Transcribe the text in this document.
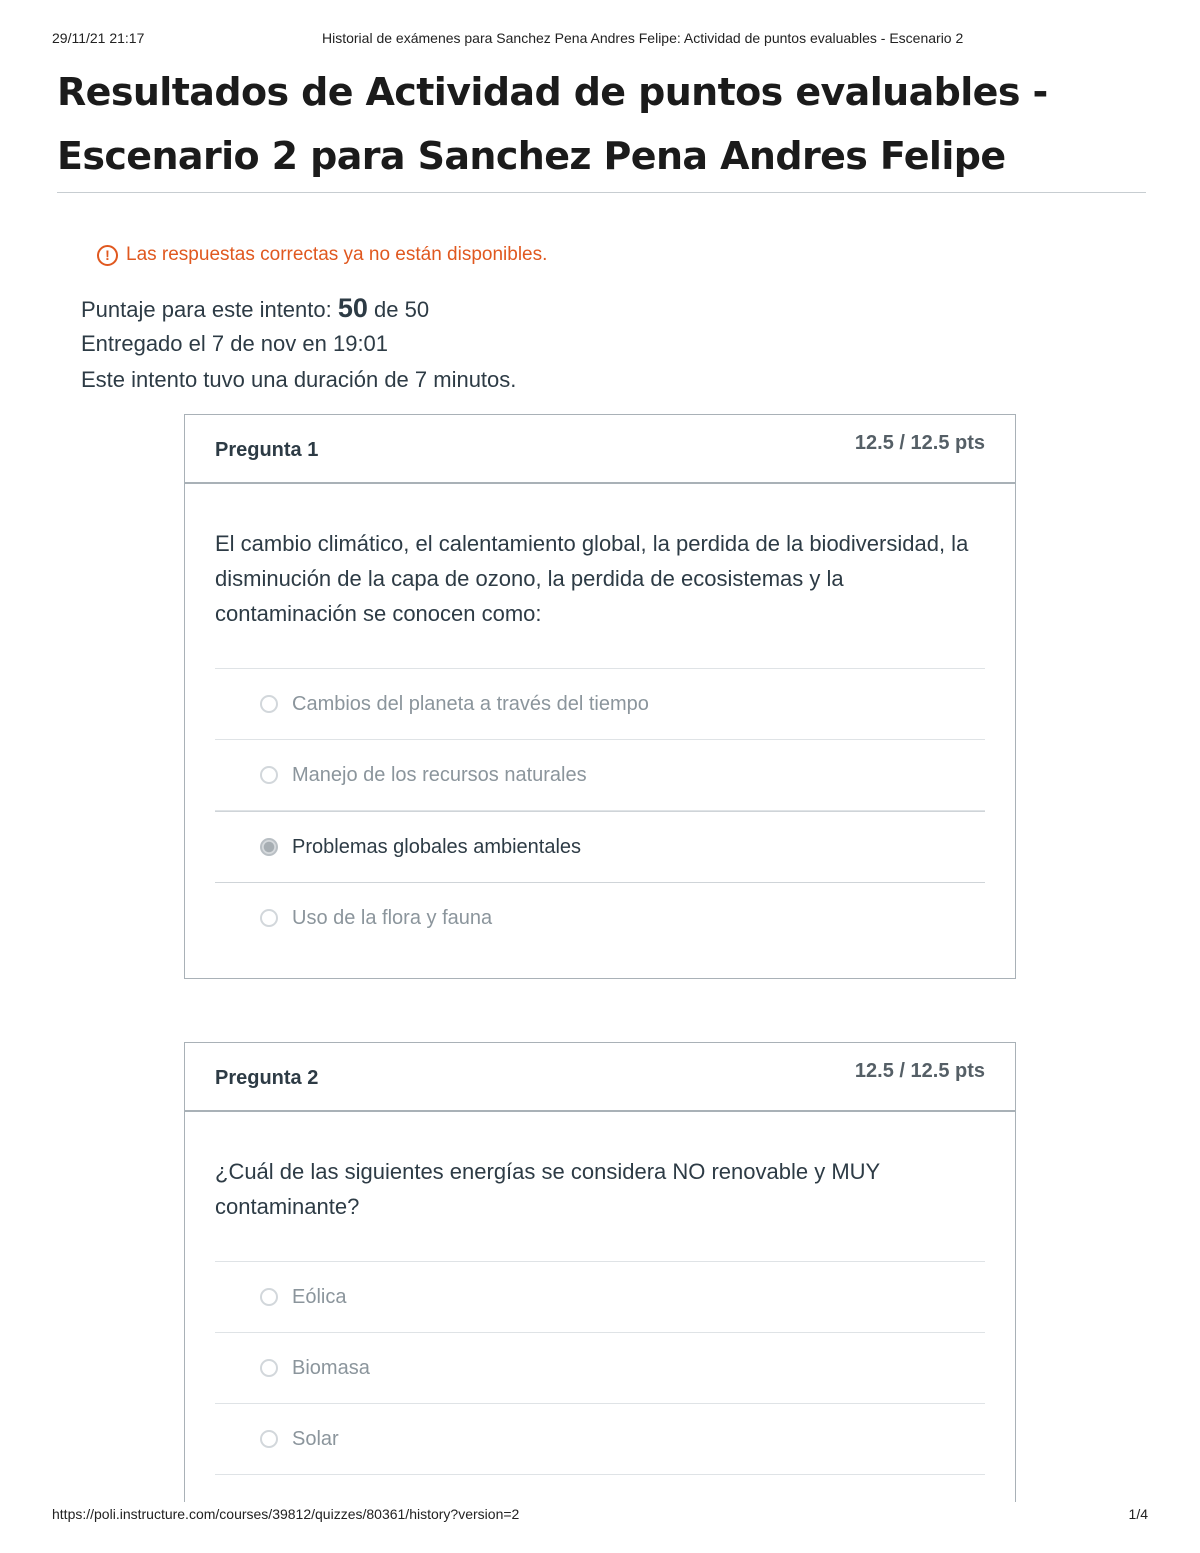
29/11/21 21:17	Historial de exámenes para Sanchez Pena Andres Felipe: Actividad de puntos evaluables - Escenario 2
Resultados de Actividad de puntos evaluables -
Escenario 2 para Sanchez Pena Andres Felipe
! Las respuestas correctas ya no están disponibles.
Puntaje para este intento: 50 de 50
Entregado el 7 de nov en 19:01
Este intento tuvo una duración de 7 minutos.
Pregunta 1	12.5 / 12.5 pts

El cambio climático, el calentamiento global, la perdida de la biodiversidad, la disminución de la capa de ozono, la perdida de ecosistemas y la contaminación se conocen como:

Cambios del planeta a través del tiempo
Manejo de los recursos naturales
Problemas globales ambientales
Uso de la flora y fauna
Pregunta 2	12.5 / 12.5 pts

¿Cuál de las siguientes energías se considera NO renovable y MUY contaminante?

Eólica
Biomasa
Solar
https://poli.instructure.com/courses/39812/quizzes/80361/history?version=2	1/4
